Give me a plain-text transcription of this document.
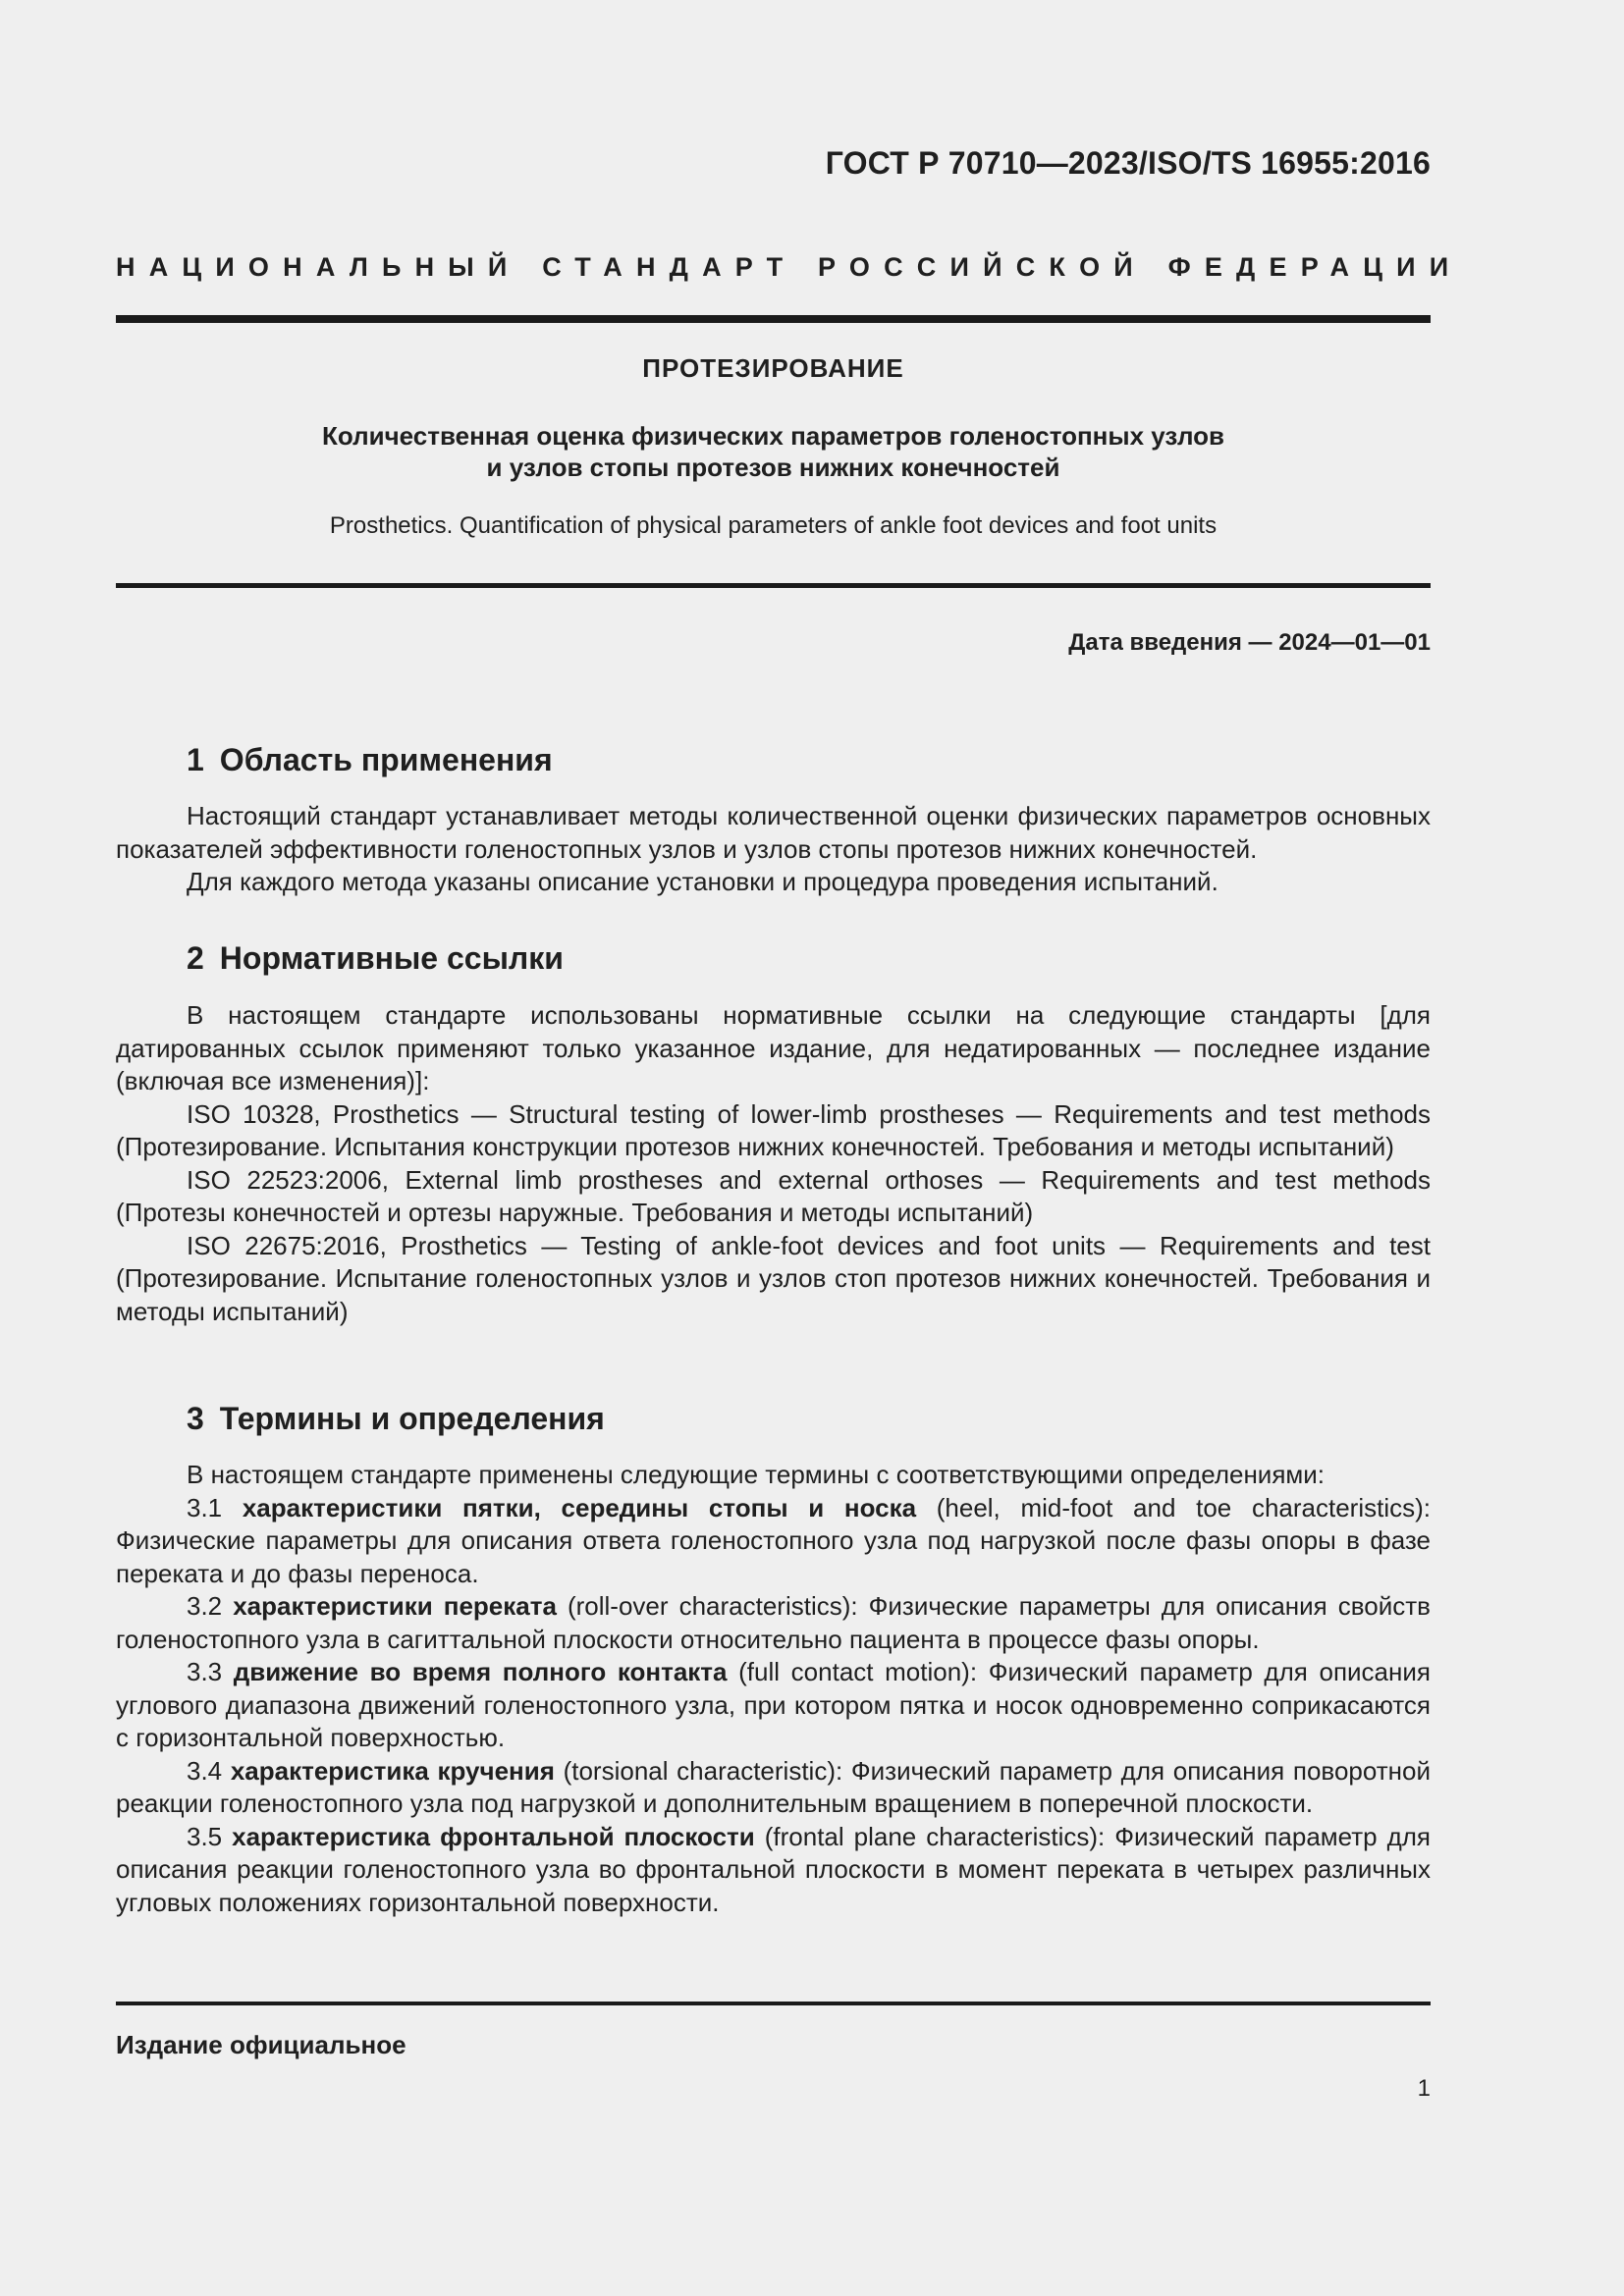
ГОСТ Р 70710—2023/ISO/TS 16955:2016
НАЦИОНАЛЬНЫЙ СТАНДАРТ РОССИЙСКОЙ ФЕДЕРАЦИИ
ПРОТЕЗИРОВАНИЕ
Количественная оценка физических параметров голеностопных узлов
и узлов стопы протезов нижних конечностей
Prosthetics. Quantification of physical parameters of ankle foot devices and foot units
Дата введения — 2024—01—01
1 Область применения

Настоящий стандарт устанавливает методы количественной оценки физических параметров основных показателей эффективности голеностопных узлов и узлов стопы протезов нижних конечностей.

Для каждого метода указаны описание установки и процедура проведения испытаний.

2 Нормативные ссылки

В настоящем стандарте использованы нормативные ссылки на следующие стандарты [для датированных ссылок применяют только указанное издание, для недатированных — последнее издание (включая все изменения)]:

ISO 10328, Prosthetics — Structural testing of lower-limb prostheses — Requirements and test methods (Протезирование. Испытания конструкции протезов нижних конечностей. Требования и методы испытаний)

ISO 22523:2006, External limb prostheses and external orthoses — Requirements and test methods (Протезы конечностей и ортезы наружные. Требования и методы испытаний)

ISO 22675:2016, Prosthetics — Testing of ankle-foot devices and foot units — Requirements and test (Протезирование. Испытание голеностопных узлов и узлов стоп протезов нижних конечностей. Требования и методы испытаний)

3 Термины и определения

В настоящем стандарте применены следующие термины с соответствующими определениями:

3.1 характеристики пятки, середины стопы и носка (heel, mid-foot and toe characteristics): Физические параметры для описания ответа голеностопного узла под нагрузкой после фазы опоры в фазе переката и до фазы переноса.

3.2 характеристики переката (roll-over characteristics): Физические параметры для описания свойств голеностопного узла в сагиттальной плоскости относительно пациента в процессе фазы опоры.

3.3 движение во время полного контакта (full contact motion): Физический параметр для описания углового диапазона движений голеностопного узла, при котором пятка и носок одновременно соприкасаются с горизонтальной поверхностью.

3.4 характеристика кручения (torsional characteristic): Физический параметр для описания поворотной реакции голеностопного узла под нагрузкой и дополнительным вращением в поперечной плоскости.

3.5 характеристика фронтальной плоскости (frontal plane characteristics): Физический параметр для описания реакции голеностопного узла во фронтальной плоскости в момент переката в четырех различных угловых положениях горизонтальной поверхности.

Издание официальное
1
